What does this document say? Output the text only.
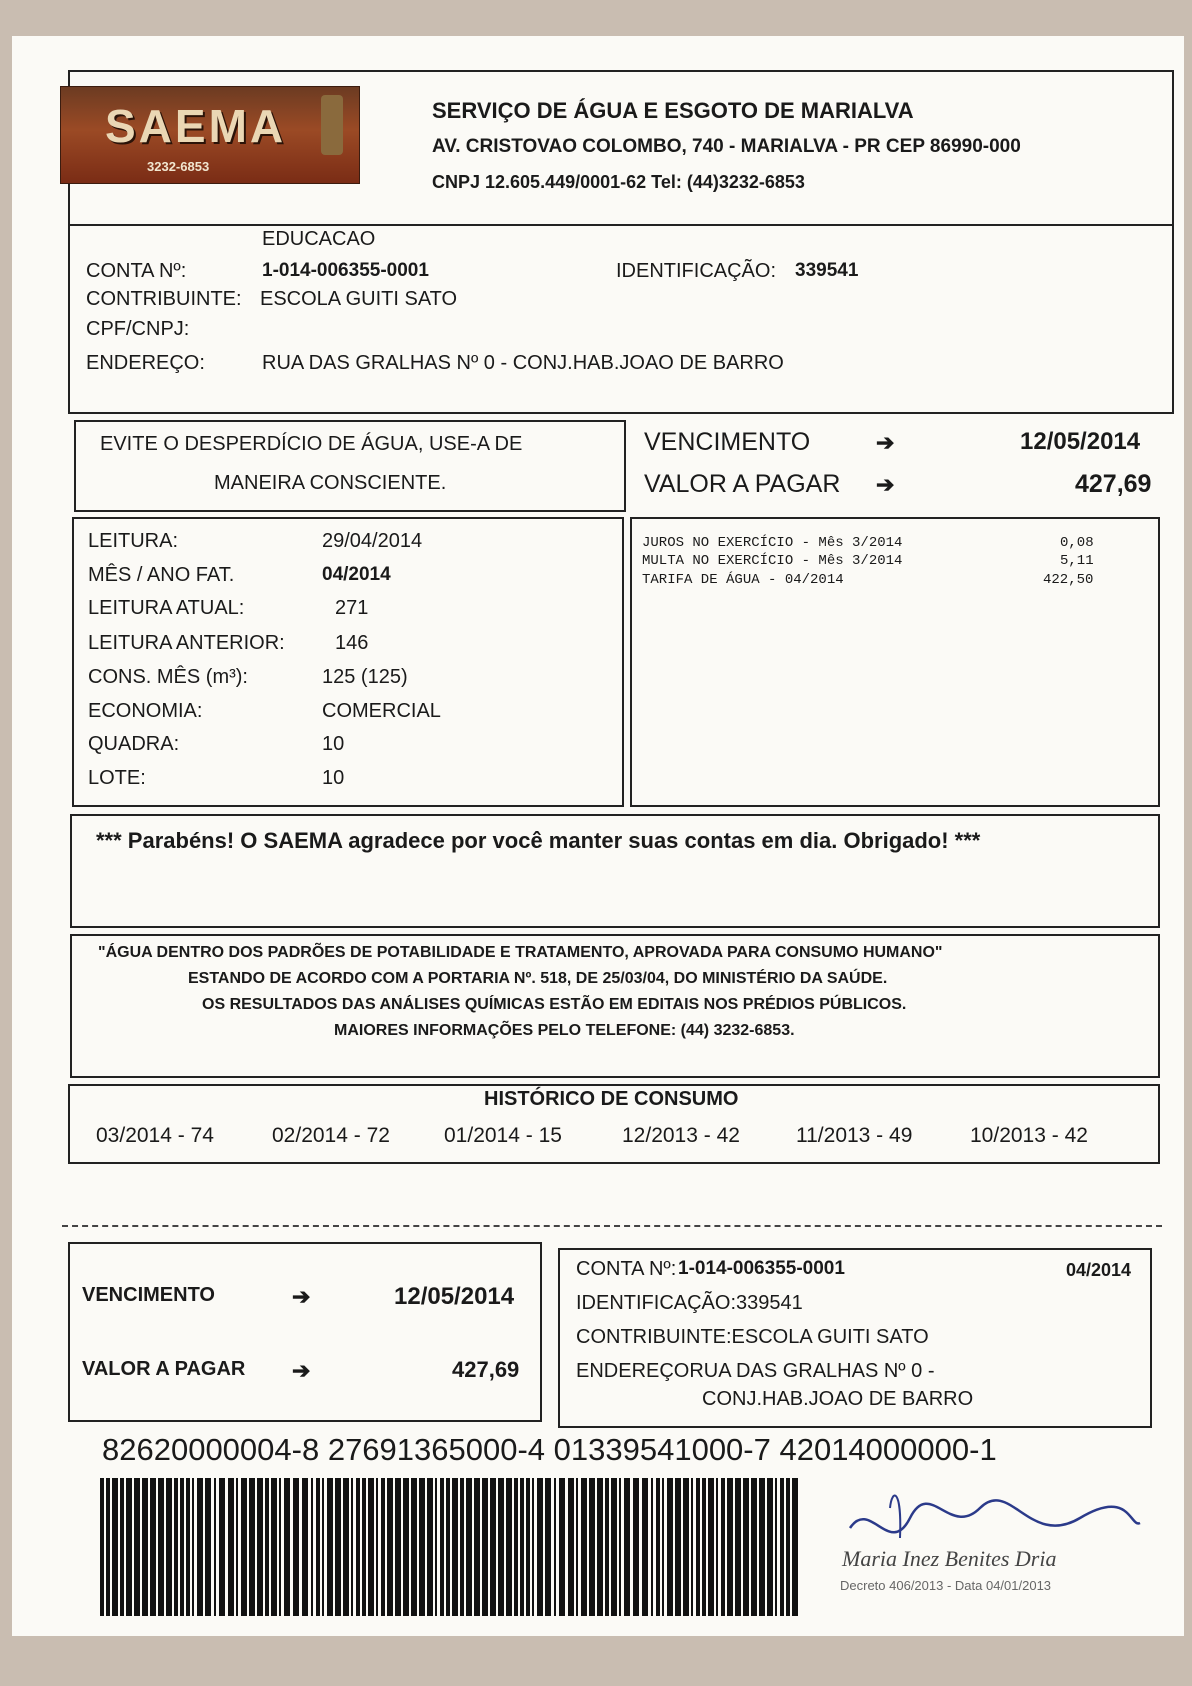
SAEMA
3232-6853
SERVIÇO DE ÁGUA E ESGOTO DE MARIALVA
AV. CRISTOVAO COLOMBO, 740 - MARIALVA - PR CEP 86990-000
CNPJ 12.605.449/0001-62 Tel: (44)3232-6853
EDUCACAO
CONTA Nº:	1-014-006355-0001	IDENTIFICAÇÃO: 339541
CONTRIBUINTE: ESCOLA GUITI SATO
CPF/CNPJ:
ENDEREÇO:	RUA DAS GRALHAS Nº 0 - CONJ.HAB.JOAO DE BARRO
EVITE O DESPERDÍCIO DE ÁGUA, USE-A DE
MANEIRA CONSCIENTE.
VENCIMENTO	➔	12/05/2014
VALOR A PAGAR ➔	427,69
LEITURA:	29/04/2014
MÊS / ANO FAT.	04/2014
LEITURA ATUAL:	271
LEITURA ANTERIOR:	146
CONS. MÊS (m³):	125 (125)
ECONOMIA:	COMERCIAL
QUADRA:	10
LOTE:	10
JUROS NO EXERCÍCIO - Mês 3/2014	0,08
MULTA NO EXERCÍCIO - Mês 3/2014	5,11
TARIFA DE ÁGUA - 04/2014	422,50
*** Parabéns! O SAEMA agradece por você manter suas contas em dia. Obrigado! ***
"ÁGUA DENTRO DOS PADRÕES DE POTABILIDADE E TRATAMENTO, APROVADA PARA CONSUMO HUMANO"
ESTANDO DE ACORDO COM A PORTARIA Nº. 518, DE 25/03/04, DO MINISTÉRIO DA SAÚDE.
OS RESULTADOS DAS ANÁLISES QUÍMICAS ESTÃO EM EDITAIS NOS PRÉDIOS PÚBLICOS.
MAIORES INFORMAÇÕES PELO TELEFONE: (44) 3232-6853.
HISTÓRICO DE CONSUMO
03/2014 - 74	02/2014 - 72	01/2014 - 15	12/2013 - 42	11/2013 - 49	10/2013 - 42
VENCIMENTO	➔	12/05/2014
VALOR A PAGAR ➔	427,69
CONTA Nº: 1-014-006355-0001	04/2014
IDENTIFICAÇÃO:339541
CONTRIBUINTE:ESCOLA GUITI SATO
ENDEREÇORUA DAS GRALHAS Nº 0 -
CONJ.HAB.JOAO DE BARRO
82620000004-8 27691365000-4 01339541000-7 42014000000-1
Maria Inez Benites Dria
Decreto 406/2013 - Data 04/01/2013
